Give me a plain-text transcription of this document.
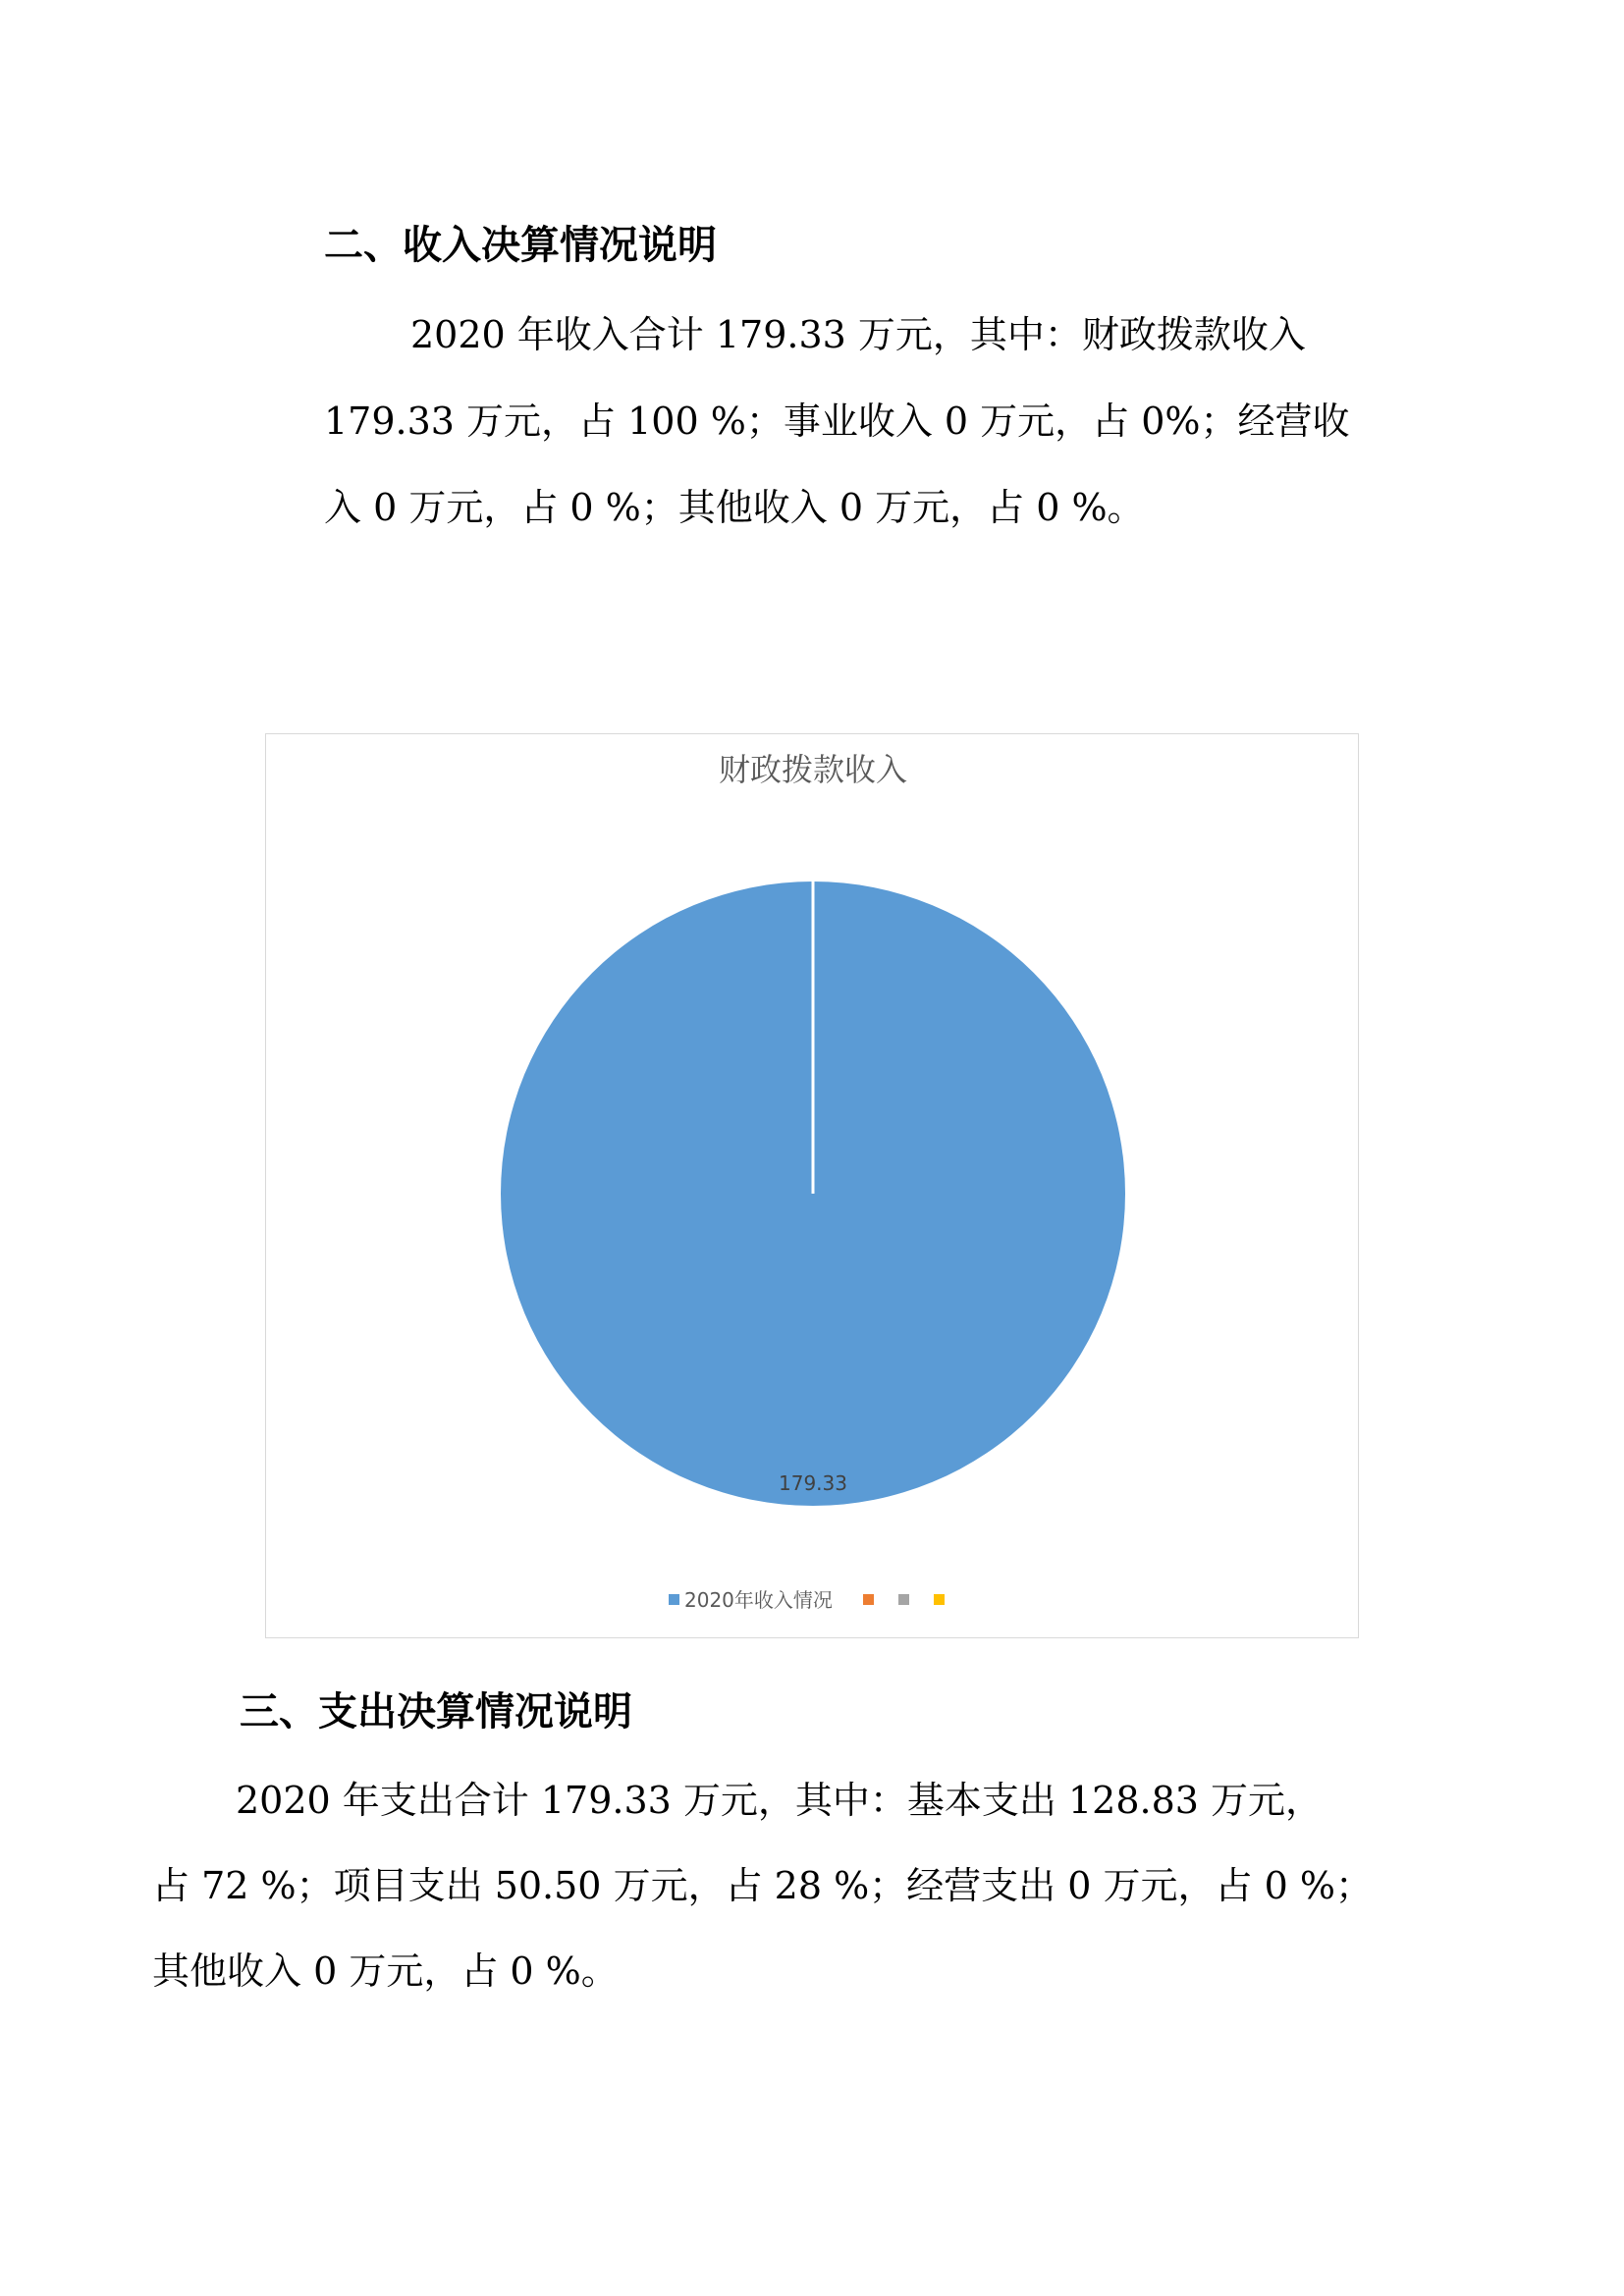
二、收入决算情况说明
2020 年收入合计 179.33 万元，其中：财政拨款收入
179.33 万元，占 100 %；事业收入 0 万元，占 0%；经营收
入 0 万元，占 0 %；其他收入 0 万元，占 0 %。
财政拨款收入
179.33
2020年收入情况
三、支出决算情况说明
2020 年支出合计 179.33 万元，其中：基本支出 128.83 万元，
占 72 %；项目支出 50.50 万元，占 28 %；经营支出 0 万元，占 0 %；
其他收入 0 万元，占 0 %。
